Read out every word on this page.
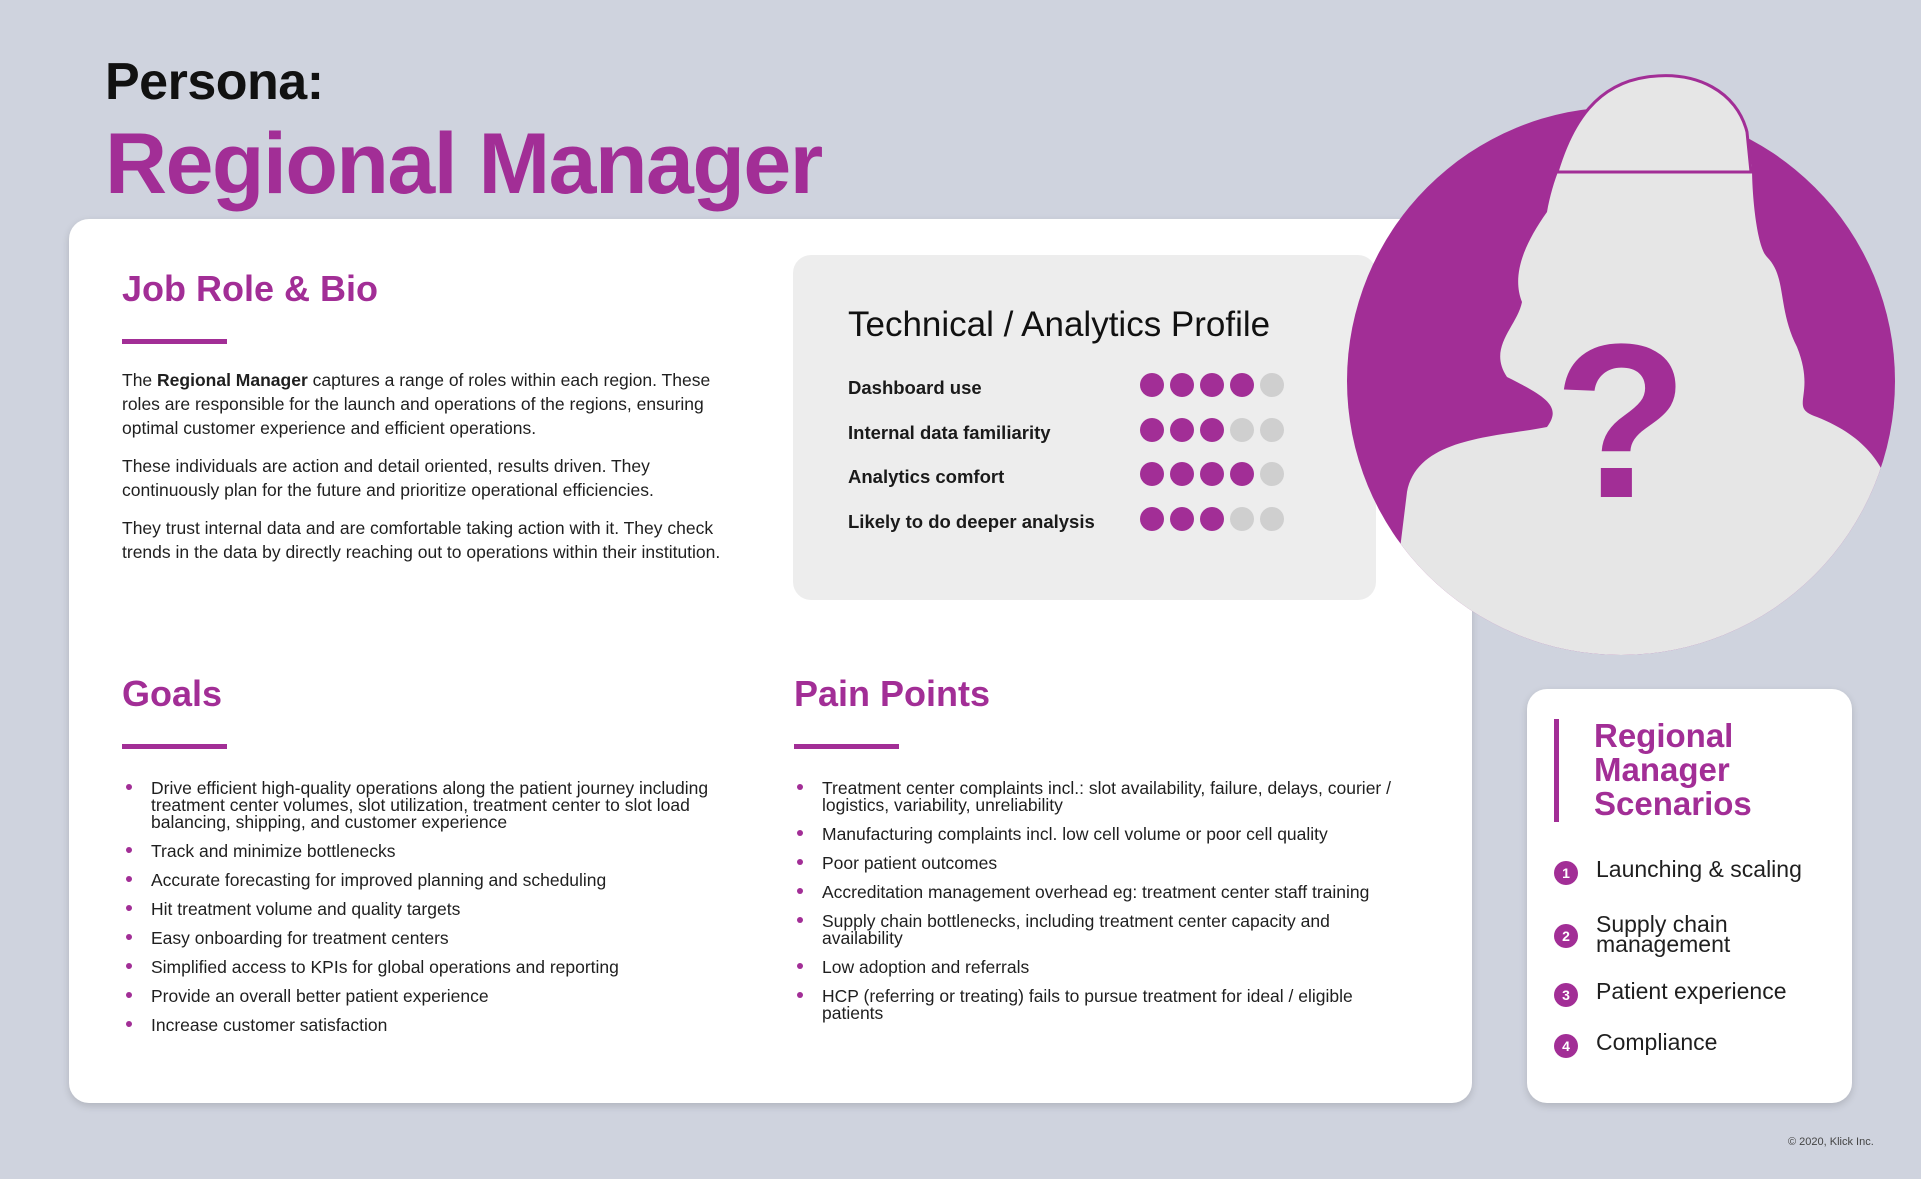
Persona:
Regional Manager
Job Role & Bio

The Regional Manager captures a range of roles within each region. These roles are responsible for the launch and operations of the regions, ensuring optimal customer experience and efficient operations.

These individuals are action and detail oriented, results driven. They continuously plan for the future and prioritize operational efficiencies.

They trust internal data and are comfortable taking action with it. They check trends in the data by directly reaching out to operations within their institution.

Technical / Analytics Profile
Dashboard use
Internal data familiarity
Analytics comfort
Likely to do deeper analysis ?
Goals
Drive efficient high-quality operations along the patient journey including treatment center volumes, slot utilization, treatment center to slot load balancing, shipping, and customer experience
Track and minimize bottlenecks
Accurate forecasting for improved planning and scheduling
Hit treatment volume and quality targets
Easy onboarding for treatment centers
Simplified access to KPIs for global operations and reporting
Provide an overall better patient experience
Increase customer satisfaction
Pain Points
Treatment center complaints incl.: slot availability, failure, delays, courier / logistics, variability, unreliability
Manufacturing complaints incl. low cell volume or poor cell quality
Poor patient outcomes
Accreditation management overhead eg: treatment center staff training
Supply chain bottlenecks, including treatment center capacity and availability
Low adoption and referrals
HCP (referring or treating) fails to pursue treatment for ideal / eligible patients
Regional Manager Scenarios
1	Launching & scaling
2	Supply chain management
3	Patient experience
4	Compliance
© 2020, Klick Inc.
